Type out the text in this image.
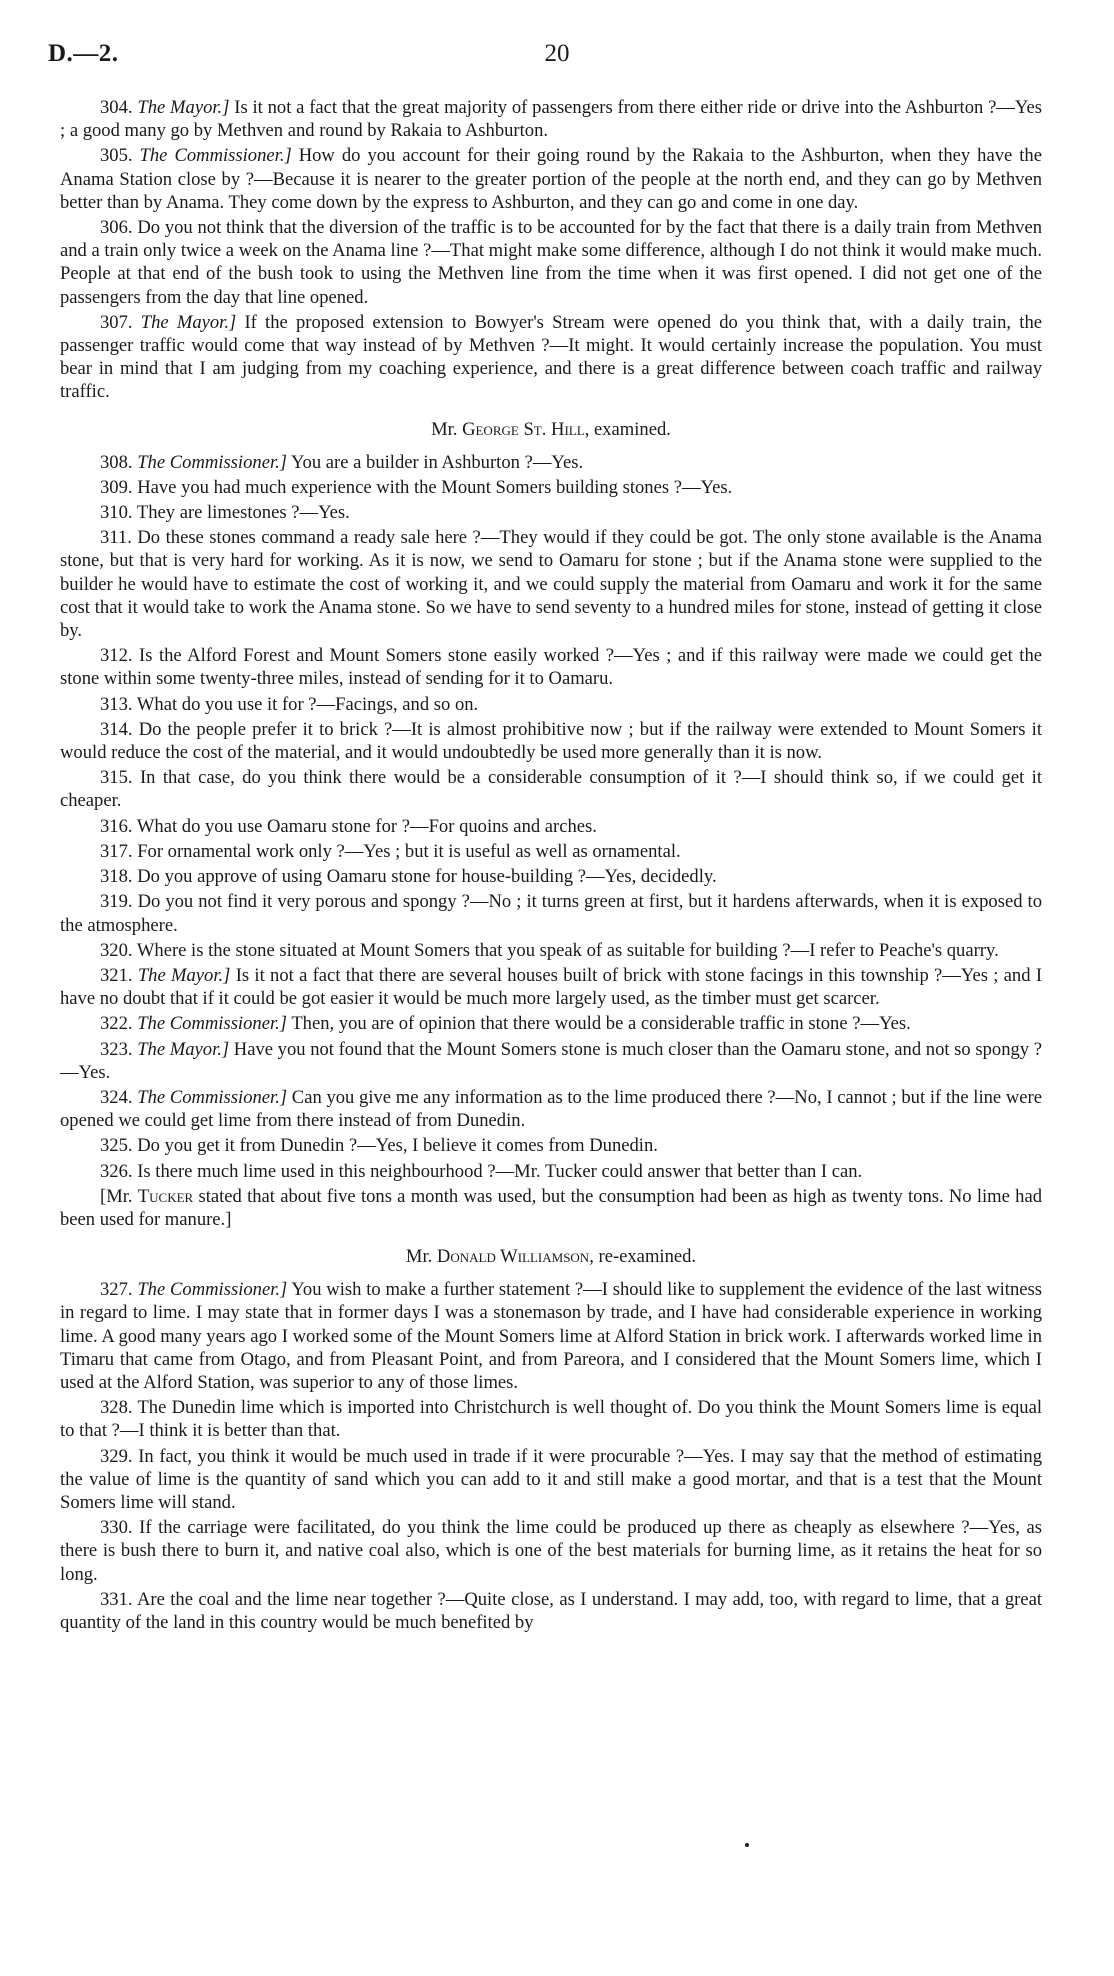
D.—2.	20

304. The Mayor.] Is it not a fact that the great majority of passengers from there either ride or drive into the Ashburton ?—Yes ; a good many go by Methven and round by Rakaia to Ashburton.

305. The Commissioner.] How do you account for their going round by the Rakaia to the Ashburton, when they have the Anama Station close by ?—Because it is nearer to the greater portion of the people at the north end, and they can go by Methven better than by Anama. They come down by the express to Ashburton, and they can go and come in one day.

306. Do you not think that the diversion of the traffic is to be accounted for by the fact that there is a daily train from Methven and a train only twice a week on the Anama line ?—That might make some difference, although I do not think it would make much. People at that end of the bush took to using the Methven line from the time when it was first opened. I did not get one of the passengers from the day that line opened.

307. The Mayor.] If the proposed extension to Bowyer's Stream were opened do you think that, with a daily train, the passenger traffic would come that way instead of by Methven ?—It might. It would certainly increase the population. You must bear in mind that I am judging from my coaching experience, and there is a great difference between coach traffic and railway traffic.

Mr. George St. Hill, examined.

308. The Commissioner.] You are a builder in Ashburton ?—Yes.

309. Have you had much experience with the Mount Somers building stones ?—Yes.

310. They are limestones ?—Yes.

311. Do these stones command a ready sale here ?—They would if they could be got. The only stone available is the Anama stone, but that is very hard for working. As it is now, we send to Oamaru for stone ; but if the Anama stone were supplied to the builder he would have to estimate the cost of working it, and we could supply the material from Oamaru and work it for the same cost that it would take to work the Anama stone. So we have to send seventy to a hundred miles for stone, instead of getting it close by.

312. Is the Alford Forest and Mount Somers stone easily worked ?—Yes ; and if this railway were made we could get the stone within some twenty-three miles, instead of sending for it to Oamaru.

313. What do you use it for ?—Facings, and so on.

314. Do the people prefer it to brick ?—It is almost prohibitive now ; but if the railway were extended to Mount Somers it would reduce the cost of the material, and it would undoubtedly be used more generally than it is now.

315. In that case, do you think there would be a considerable consumption of it ?—I should think so, if we could get it cheaper.

316. What do you use Oamaru stone for ?—For quoins and arches.

317. For ornamental work only ?—Yes ; but it is useful as well as ornamental.

318. Do you approve of using Oamaru stone for house-building ?—Yes, decidedly.

319. Do you not find it very porous and spongy ?—No ; it turns green at first, but it hardens afterwards, when it is exposed to the atmosphere.

320. Where is the stone situated at Mount Somers that you speak of as suitable for building ?—I refer to Peache's quarry.

321. The Mayor.] Is it not a fact that there are several houses built of brick with stone facings in this township ?—Yes ; and I have no doubt that if it could be got easier it would be much more largely used, as the timber must get scarcer.

322. The Commissioner.] Then, you are of opinion that there would be a considerable traffic in stone ?—Yes.

323. The Mayor.] Have you not found that the Mount Somers stone is much closer than the Oamaru stone, and not so spongy ?—Yes.

324. The Commissioner.] Can you give me any information as to the lime produced there ?—No, I cannot ; but if the line were opened we could get lime from there instead of from Dunedin.

325. Do you get it from Dunedin ?—Yes, I believe it comes from Dunedin.

326. Is there much lime used in this neighbourhood ?—Mr. Tucker could answer that better than I can.

[Mr. Tucker stated that about five tons a month was used, but the consumption had been as high as twenty tons. No lime had been used for manure.]

Mr. Donald Williamson, re-examined.

327. The Commissioner.] You wish to make a further statement ?—I should like to supplement the evidence of the last witness in regard to lime. I may state that in former days I was a stonemason by trade, and I have had considerable experience in working lime. A good many years ago I worked some of the Mount Somers lime at Alford Station in brick work. I afterwards worked lime in Timaru that came from Otago, and from Pleasant Point, and from Pareora, and I considered that the Mount Somers lime, which I used at the Alford Station, was superior to any of those limes.

328. The Dunedin lime which is imported into Christchurch is well thought of. Do you think the Mount Somers lime is equal to that ?—I think it is better than that.

329. In fact, you think it would be much used in trade if it were procurable ?—Yes. I may say that the method of estimating the value of lime is the quantity of sand which you can add to it and still make a good mortar, and that is a test that the Mount Somers lime will stand.

330. If the carriage were facilitated, do you think the lime could be produced up there as cheaply as elsewhere ?—Yes, as there is bush there to burn it, and native coal also, which is one of the best materials for burning lime, as it retains the heat for so long.

331. Are the coal and the lime near together ?—Quite close, as I understand. I may add, too, with regard to lime, that a great quantity of the land in this country would be much benefited by
